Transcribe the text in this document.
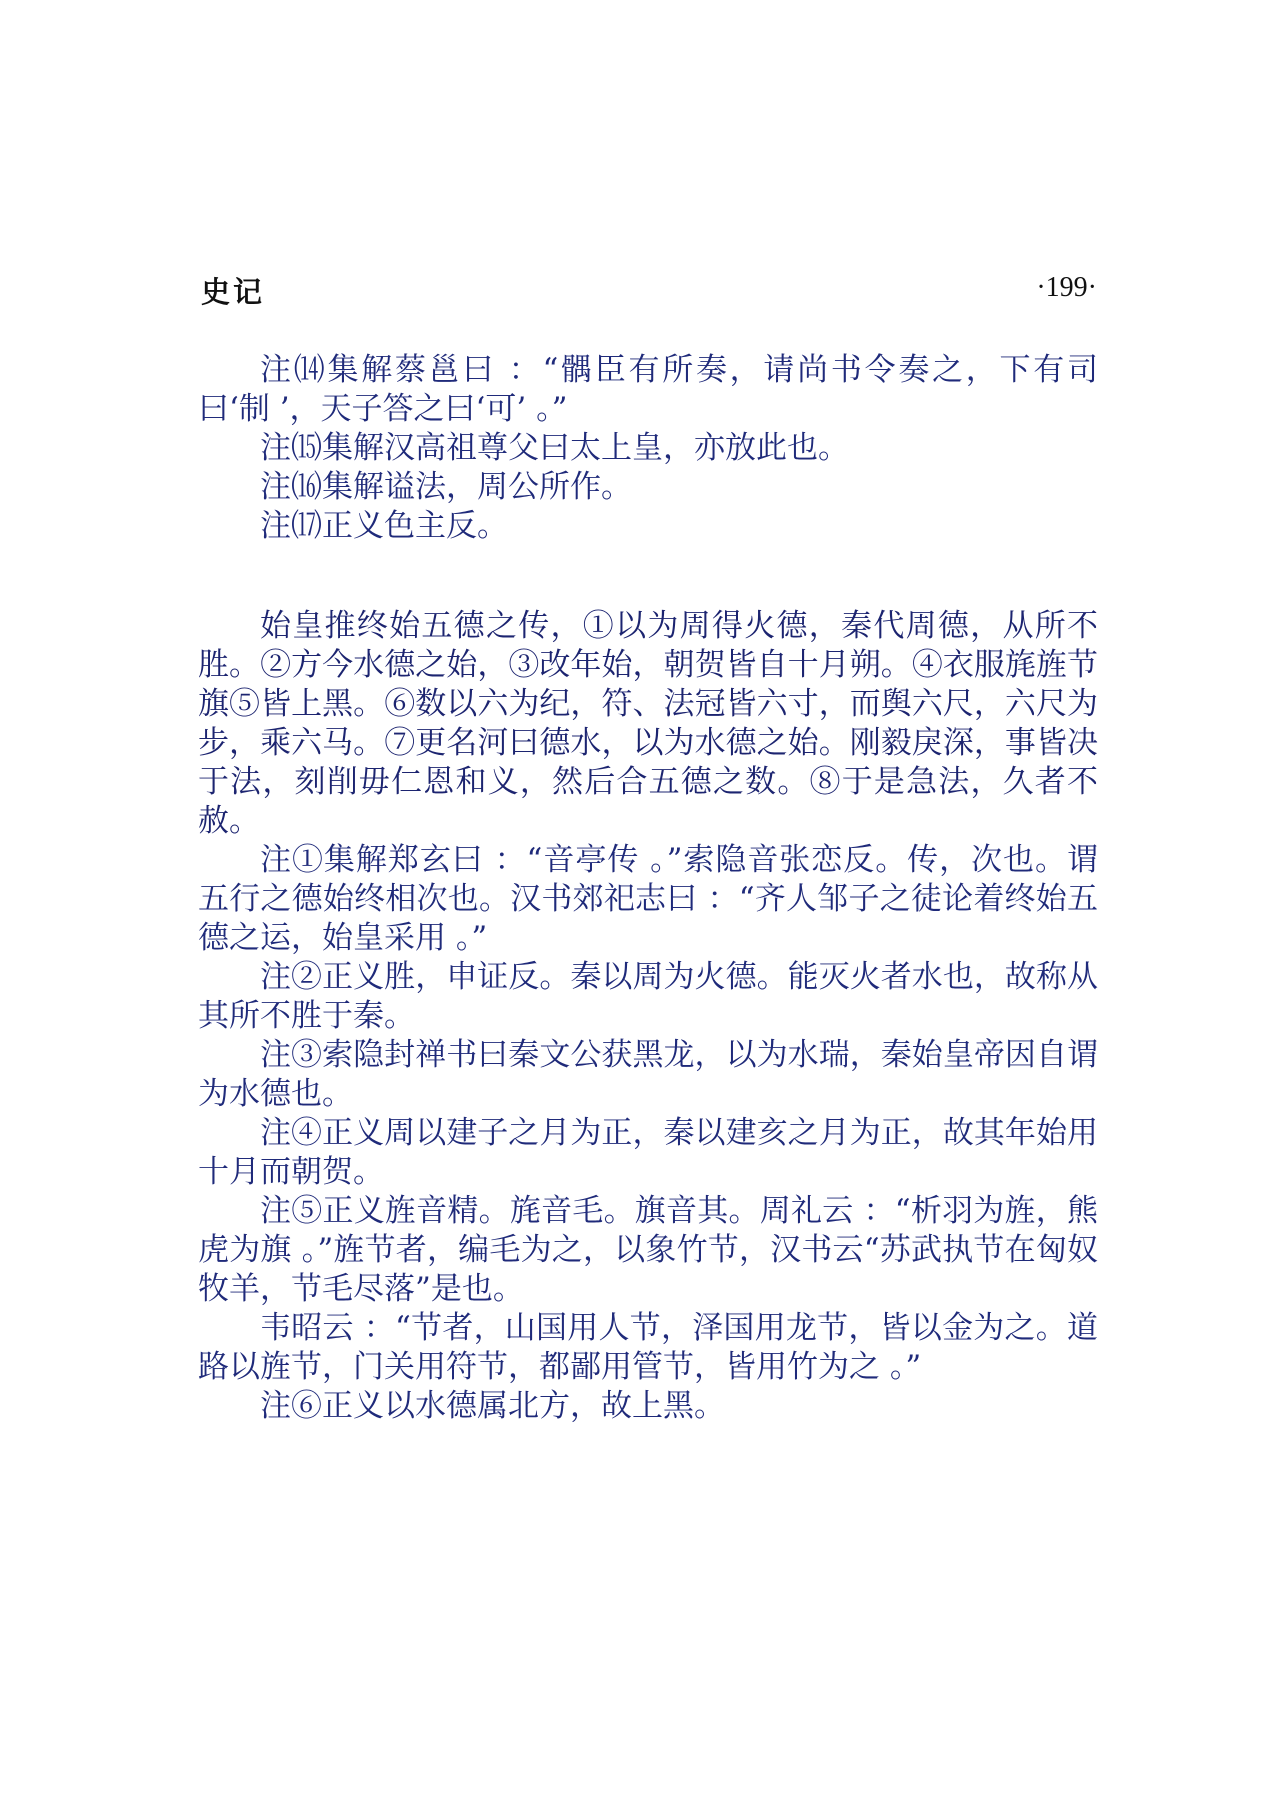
史记	·199·

注⒁集解蔡邕曰 ：“髃臣有所奏，请尚书令奏之，下有司曰‘制 ’，天子答之曰‘可’ 。”

注⒂集解汉高祖尊父曰太上皇，亦放此也。

注⒃集解谥法，周公所作。

注⒄正义色主反。

始皇推终始五德之传，①以为周得火德，秦代周德，从所不胜。②方今水德之始，③改年始，朝贺皆自十月朔。④衣服旄旌节旗⑤皆上黑。⑥数以六为纪，符、法冠皆六寸，而舆六尺，六尺为步，乘六马。⑦更名河曰德水，以为水德之始。刚毅戾深，事皆决于法，刻削毋仁恩和义，然后合五德之数。⑧于是急法，久者不赦。

注①集解郑玄曰 ：“音亭传 。”索隐音张恋反。传，次也。谓五行之德始终相次也。汉书郊祀志曰 ：“齐人邹子之徒论着终始五德之运，始皇采用 。”

注②正义胜，申证反。秦以周为火德。能灭火者水也，故称从其所不胜于秦。

注③索隐封禅书曰秦文公获黑龙，以为水瑞，秦始皇帝因自谓为水德也。

注④正义周以建子之月为正，秦以建亥之月为正，故其年始用十月而朝贺。

注⑤正义旌音精。旄音毛。旗音其。周礼云 ：“析羽为旌，熊虎为旗 。”旌节者，编毛为之，以象竹节，汉书云“苏武执节在匈奴牧羊，节毛尽落”是也。

韦昭云 ：“节者，山国用人节，泽国用龙节，皆以金为之。道路以旌节，门关用符节，都鄙用管节，皆用竹为之 。”

注⑥正义以水德属北方，故上黑。
